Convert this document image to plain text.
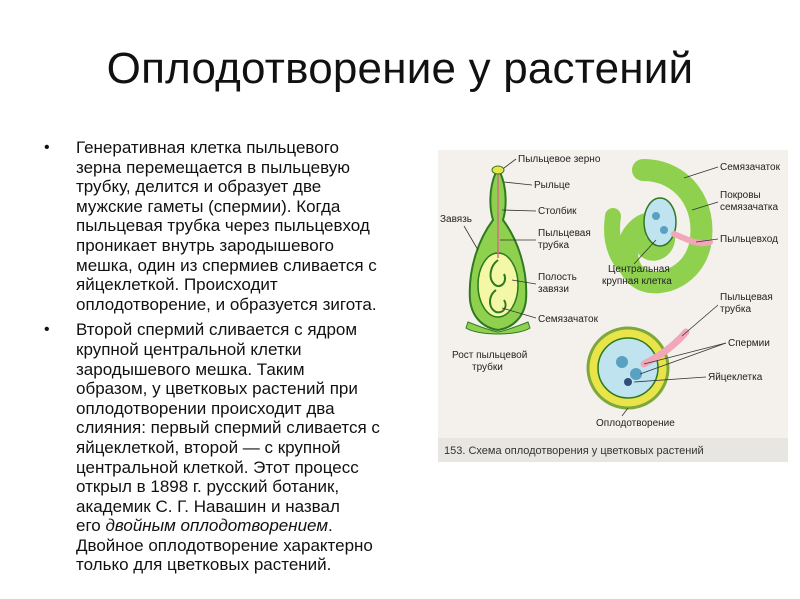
Оплодотворение у растений
• Генеративная клетка пыльцевого
зерна перемещается в пыльцевую
трубку, делится и образует две
мужские гаметы (спермии). Когда
пыльцевая трубка через пыльцевход
проникает внутрь зародышевого
мешка, один из спермиев сливается с
яйцеклеткой. Происходит
оплодотворение, и образуется зигота.
• Второй спермий сливается с ядром
крупной центральной клетки
зародышевого мешка. Таким
образом, у цветковых растений при
оплодотворении происходит два
слияния: первый спермий сливается с
яйцеклеткой, второй — с крупной
центральной клеткой. Этот процесс
открыл в 1898 г. русский ботаник,
академик С. Г. Навашин и назвал
его двойным оплодотворением.
Двойное оплодотворение характерно
только для цветковых растений.
Пыльцевое зерно
Рыльце
Завязь
Столбик
Пыльцевая
трубка
Полость
завязи
Семязачаток
Рост пыльцевой
трубки
Семязачаток
Покровы
семязачатка
Пыльцевход
Центральная
крупная клетка
Пыльцевая
трубка
Спермии
Яйцеклетка
Оплодотворение
153. Схема оплодотворения у цветковых растений
